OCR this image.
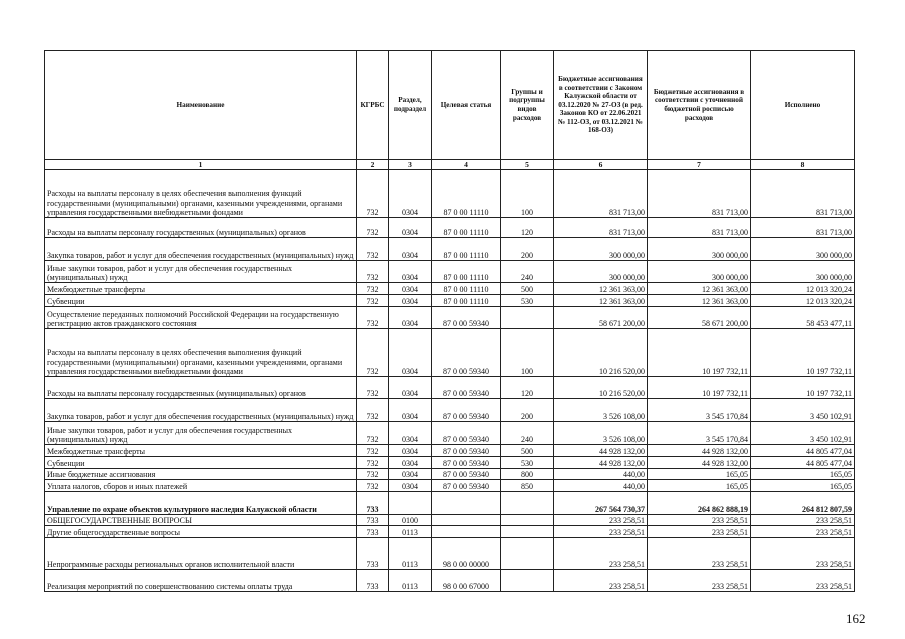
Наименование	КГРБС	Раздел, подраздел	Целевая статья	Группы и подгруппы видов расходов	Бюджетные ассигнования в соответствии с Законом Калужской области от 03.12.2020 № 27-ОЗ (в ред. Законов КО от 22.06.2021 № 112-ОЗ, от 03.12.2021 № 168-ОЗ)	Бюджетные ассигнования в соответствии с уточненной бюджетной росписью расходов	Исполнено
1	2	3	4	5	6	7	8
Расходы на выплаты персоналу в целях обеспечения выполнения функций государственными (муниципальными) органами, казенными учреждениями, органами управления государственными внебюджетными фондами	732	0304	87 0 00 11110	100	831 713,00	831 713,00	831 713,00
Расходы на выплаты персоналу государственных (муниципальных) органов	732	0304	87 0 00 11110	120	831 713,00	831 713,00	831 713,00
Закупка товаров, работ и услуг для обеспечения государственных (муниципальных) нужд	732	0304	87 0 00 11110	200	300 000,00	300 000,00	300 000,00
Иные закупки товаров, работ и услуг для обеспечения государственных (муниципальных) нужд	732	0304	87 0 00 11110	240	300 000,00	300 000,00	300 000,00
Межбюджетные трансферты	732	0304	87 0 00 11110	500	12 361 363,00	12 361 363,00	12 013 320,24
Субвенции	732	0304	87 0 00 11110	530	12 361 363,00	12 361 363,00	12 013 320,24
Осуществление переданных полномочий Российской Федерации на государственную регистрацию актов гражданского состояния	732	0304	87 0 00 59340		58 671 200,00	58 671 200,00	58 453 477,11
Расходы на выплаты персоналу в целях обеспечения выполнения функций государственными (муниципальными) органами, казенными учреждениями, органами управления государственными внебюджетными фондами	732	0304	87 0 00 59340	100	10 216 520,00	10 197 732,11	10 197 732,11
Расходы на выплаты персоналу государственных (муниципальных) органов	732	0304	87 0 00 59340	120	10 216 520,00	10 197 732,11	10 197 732,11
Закупка товаров, работ и услуг для обеспечения государственных (муниципальных) нужд	732	0304	87 0 00 59340	200	3 526 108,00	3 545 170,84	3 450 102,91
Иные закупки товаров, работ и услуг для обеспечения государственных (муниципальных) нужд	732	0304	87 0 00 59340	240	3 526 108,00	3 545 170,84	3 450 102,91
Межбюджетные трансферты	732	0304	87 0 00 59340	500	44 928 132,00	44 928 132,00	44 805 477,04
Субвенции	732	0304	87 0 00 59340	530	44 928 132,00	44 928 132,00	44 805 477,04
Иные бюджетные ассигнования	732	0304	87 0 00 59340	800	440,00	165,05	165,05
Уплата налогов, сборов и иных платежей	732	0304	87 0 00 59340	850	440,00	165,05	165,05
Управление по охране объектов культурного наследия Калужской области	733				267 564 730,37	264 862 888,19	264 812 807,59
ОБЩЕГОСУДАРСТВЕННЫЕ ВОПРОСЫ	733	0100			233 258,51	233 258,51	233 258,51
Другие общегосударственные вопросы	733	0113			233 258,51	233 258,51	233 258,51
Непрограммные расходы региональных органов исполнительной власти	733	0113	98 0 00 00000		233 258,51	233 258,51	233 258,51
Реализация мероприятий по совершенствованию системы оплаты труда	733	0113	98 0 00 67000		233 258,51	233 258,51	233 258,51
162
